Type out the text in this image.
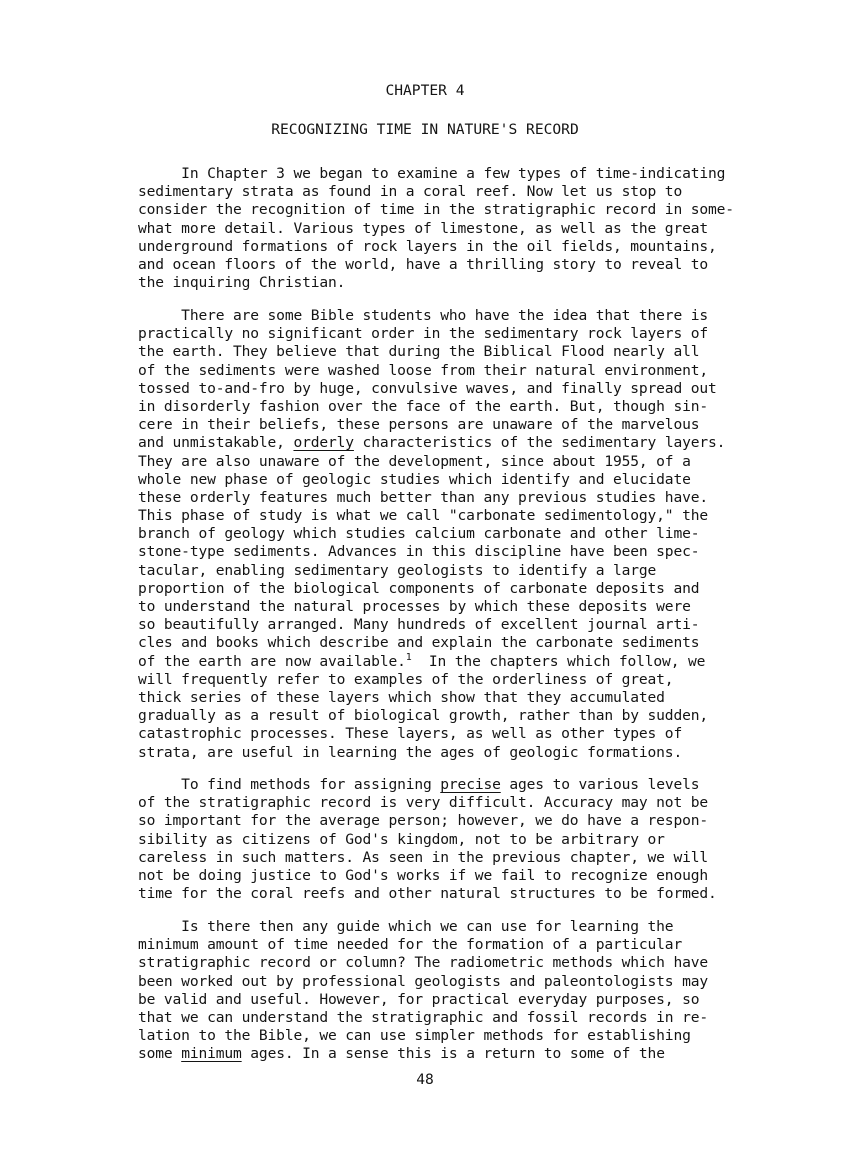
CHAPTER 4
RECOGNIZING TIME IN NATURE'S RECORD
In Chapter 3 we began to examine a few types of time-indicating
sedimentary strata as found in a coral reef. Now let us stop to
consider the recognition of time in the stratigraphic record in some-
what more detail. Various types of limestone, as well as the great
underground formations of rock layers in the oil fields, mountains,
and ocean floors of the world, have a thrilling story to reveal to
the inquiring Christian.
There are some Bible students who have the idea that there is
practically no significant order in the sedimentary rock layers of
the earth. They believe that during the Biblical Flood nearly all
of the sediments were washed loose from their natural environment,
tossed to-and-fro by huge, convulsive waves, and finally spread out
in disorderly fashion over the face of the earth. But, though sin-
cere in their beliefs, these persons are unaware of the marvelous
and unmistakable, orderly characteristics of the sedimentary layers.
They are also unaware of the development, since about 1955, of a
whole new phase of geologic studies which identify and elucidate
these orderly features much better than any previous studies have.
This phase of study is what we call "carbonate sedimentology," the
branch of geology which studies calcium carbonate and other lime-
stone-type sediments. Advances in this discipline have been spec-
tacular, enabling sedimentary geologists to identify a large
proportion of the biological components of carbonate deposits and
to understand the natural processes by which these deposits were
so beautifully arranged. Many hundreds of excellent journal arti-
cles and books which describe and explain the carbonate sediments
of the earth are now available.$^1$  In the chapters which follow, we
will frequently refer to examples of the orderliness of great,
thick series of these layers which show that they accumulated
gradually as a result of biological growth, rather than by sudden,
catastrophic processes. These layers, as well as other types of
strata, are useful in learning the ages of geologic formations.
To find methods for assigning precise ages to various levels
of the stratigraphic record is very difficult. Accuracy may not be
so important for the average person; however, we do have a respon-
sibility as citizens of God's kingdom, not to be arbitrary or
careless in such matters. As seen in the previous chapter, we will
not be doing justice to God's works if we fail to recognize enough
time for the coral reefs and other natural structures to be formed.
Is there then any guide which we can use for learning the
minimum amount of time needed for the formation of a particular
stratigraphic record or column? The radiometric methods which have
been worked out by professional geologists and paleontologists may
be valid and useful. However, for practical everyday purposes, so
that we can understand the stratigraphic and fossil records in re-
lation to the Bible, we can use simpler methods for establishing
some minimum ages. In a sense this is a return to some of the
48
